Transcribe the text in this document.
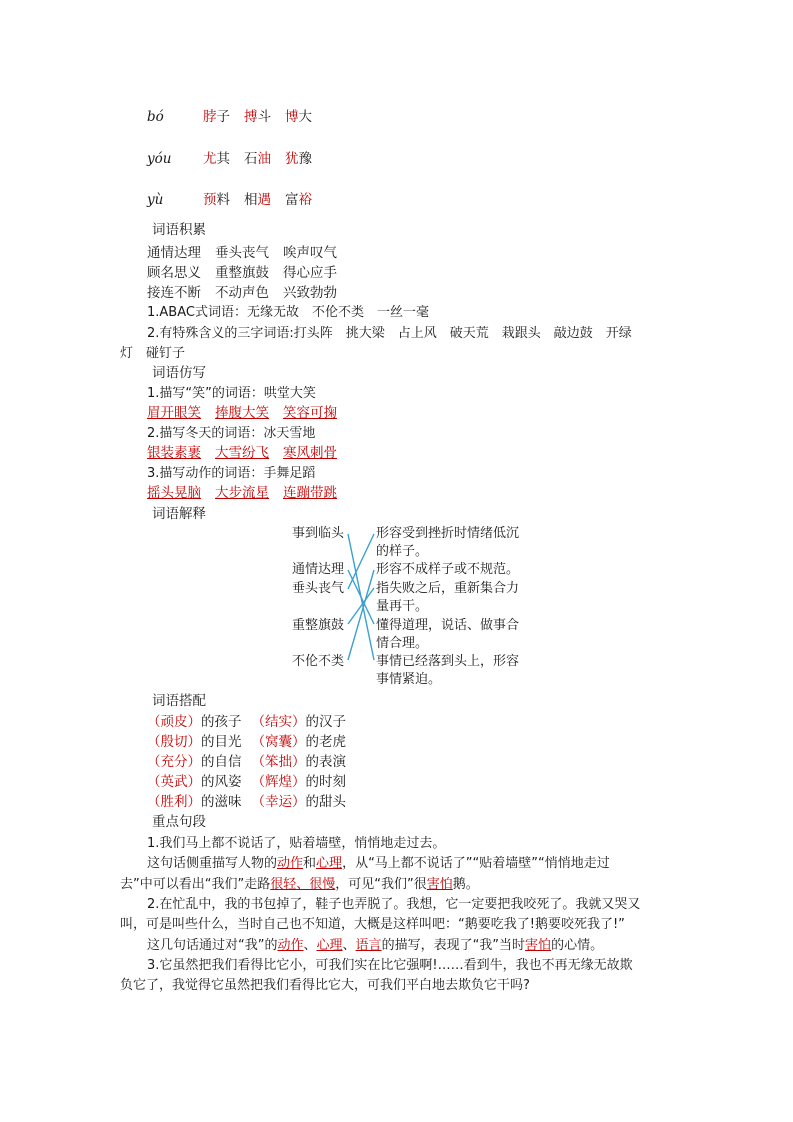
bó	脖子 搏斗 博大
yóu 尤其 石油 犹豫
yù	预料 相遇 富裕
词语积累
通情达理 垂头丧气 唉声叹气
顾名思义 重整旗鼓 得心应手
接连不断 不动声色 兴致勃勃
1.ABAC式词语：无缘无故　不伦不类　一丝一毫
2.有特殊含义的三字词语:打头阵　挑大梁　占上风　破天荒　栽跟头　敲边鼓　开绿
灯　碰钉子
词语仿写
1.描写“笑”的词语：哄堂大笑
眉开眼笑 捧腹大笑 笑容可掬
2.描写冬天的词语：冰天雪地
银装素裹 大雪纷飞 寒风刺骨
3.描写动作的词语：手舞足蹈
摇头晃脑 大步流星 连蹦带跳
词语解释
事到临头
通情达理
垂头丧气
重整旗鼓
不伦不类
形容受到挫折时情绪低沉
的样子。
形容不成样子或不规范。
指失败之后，重新集合力
量再干。
懂得道理，说话、做事合
情合理。
事情已经落到头上，形容
事情紧迫。
词语搭配
（顽皮）的孩子 （结实）的汉子
（殷切）的目光 （窝囊）的老虎
（充分）的自信 （笨拙）的表演
（英武）的风姿 （辉煌）的时刻
（胜利）的滋味 （幸运）的甜头
重点句段
1.我们马上都不说话了，贴着墙壁，悄悄地走过去。
这句话侧重描写人物的动作和心理，从“马上都不说话了”“贴着墙壁”“悄悄地走过
去”中可以看出“我们”走路很轻、很慢，可见“我们”很害怕鹅。
2.在忙乱中，我的书包掉了，鞋子也弄脱了。我想，它一定要把我咬死了。我就又哭又
叫，可是叫些什么，当时自己也不知道，大概是这样叫吧：“鹅要吃我了!鹅要咬死我了!”
这几句话通过对“我”的动作、心理、语言的描写，表现了“我”当时害怕的心情。
3.它虽然把我们看得比它小，可我们实在比它强啊!……看到牛，我也不再无缘无故欺
负它了，我觉得它虽然把我们看得比它大，可我们平白地去欺负它干吗?
